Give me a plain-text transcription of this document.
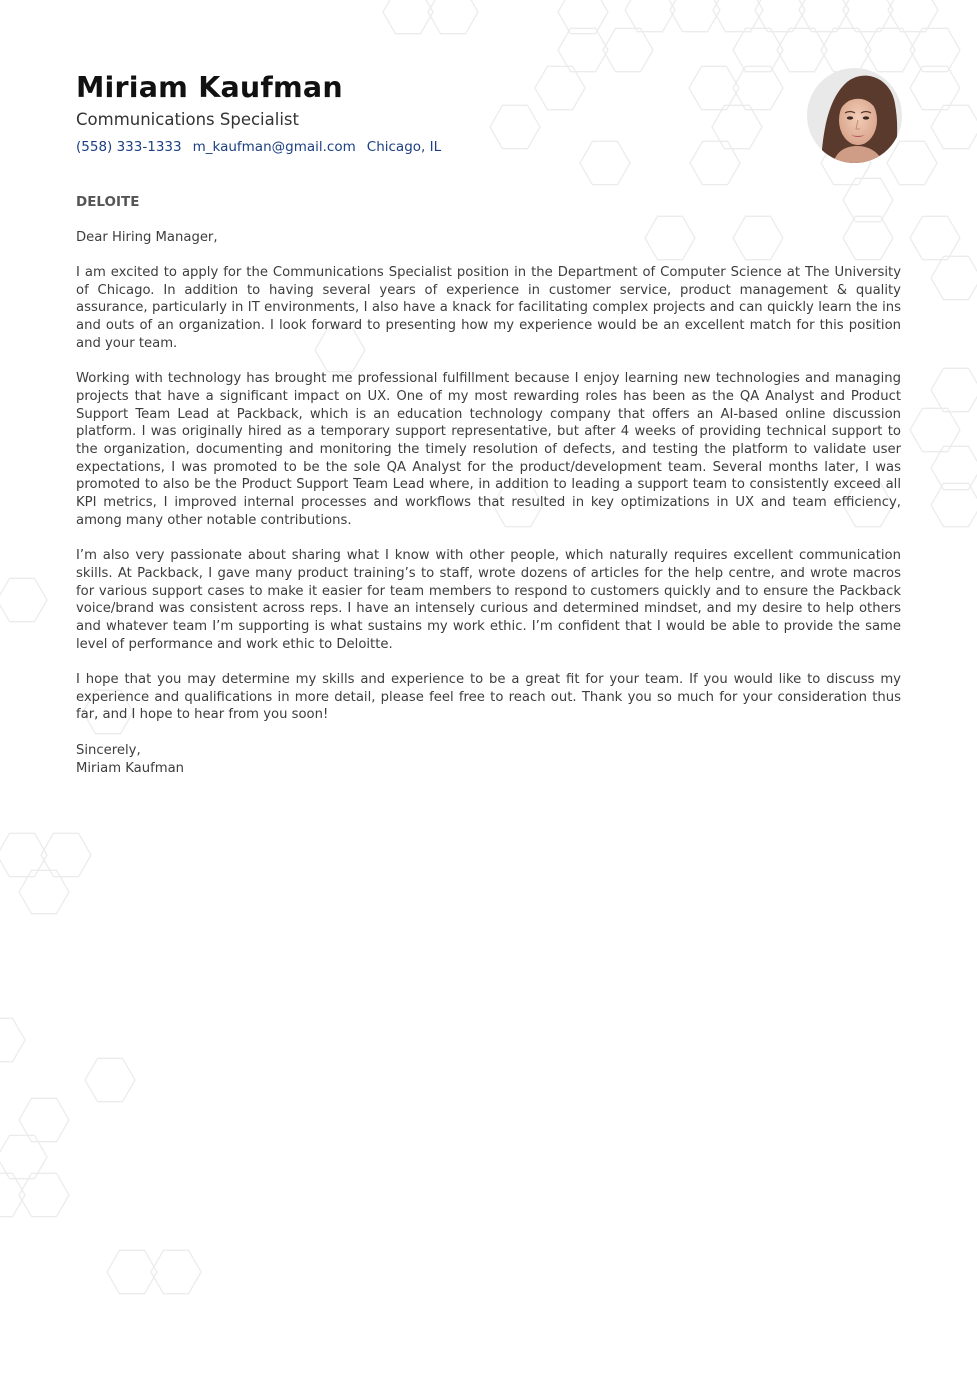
Miriam Kaufman
Communications Specialist
(558) 333-1333 m_kaufman@gmail.com Chicago, IL
DELOITE
Dear Hiring Manager,

I am excited to apply for the Communications Specialist position in the Department of Computer Science at The University of Chicago. In addition to having several years of experience in customer service, product management & quality assurance, particularly in IT environments, I also have a knack for facilitating complex projects and can quickly learn the ins and outs of an organization. I look forward to presenting how my experience would be an excellent match for this position and your team.

Working with technology has brought me professional fulfillment because I enjoy learning new technologies and managing projects that have a significant impact on UX. One of my most rewarding roles has been as the QA Analyst and Product Support Team Lead at Packback, which is an education technology company that offers an AI-based online discussion platform. I was originally hired as a temporary support representative, but after 4 weeks of providing technical support to the organization, documenting and monitoring the timely resolution of defects, and testing the platform to validate user expectations, I was promoted to be the sole QA Analyst for the product/development team. Several months later, I was promoted to also be the Product Support Team Lead where, in addition to leading a support team to consistently exceed all KPI metrics, I improved internal processes and workflows that resulted in key optimizations in UX and team efficiency, among many other notable contributions.

I’m also very passionate about sharing what I know with other people, which naturally requires excellent communication skills. At Packback, I gave many product training’s to staff, wrote dozens of articles for the help centre, and wrote macros for various support cases to make it easier for team members to respond to customers quickly and to ensure the Packback voice/brand was consistent across reps. I have an intensely curious and determined mindset, and my desire to help others and whatever team I’m supporting is what sustains my work ethic. I’m confident that I would be able to provide the same level of performance and work ethic to Deloitte.

I hope that you may determine my skills and experience to be a great fit for your team. If you would like to discuss my experience and qualifications in more detail, please feel free to reach out. Thank you so much for your consideration thus far, and I hope to hear from you soon!

Sincerely,
Miriam Kaufman
